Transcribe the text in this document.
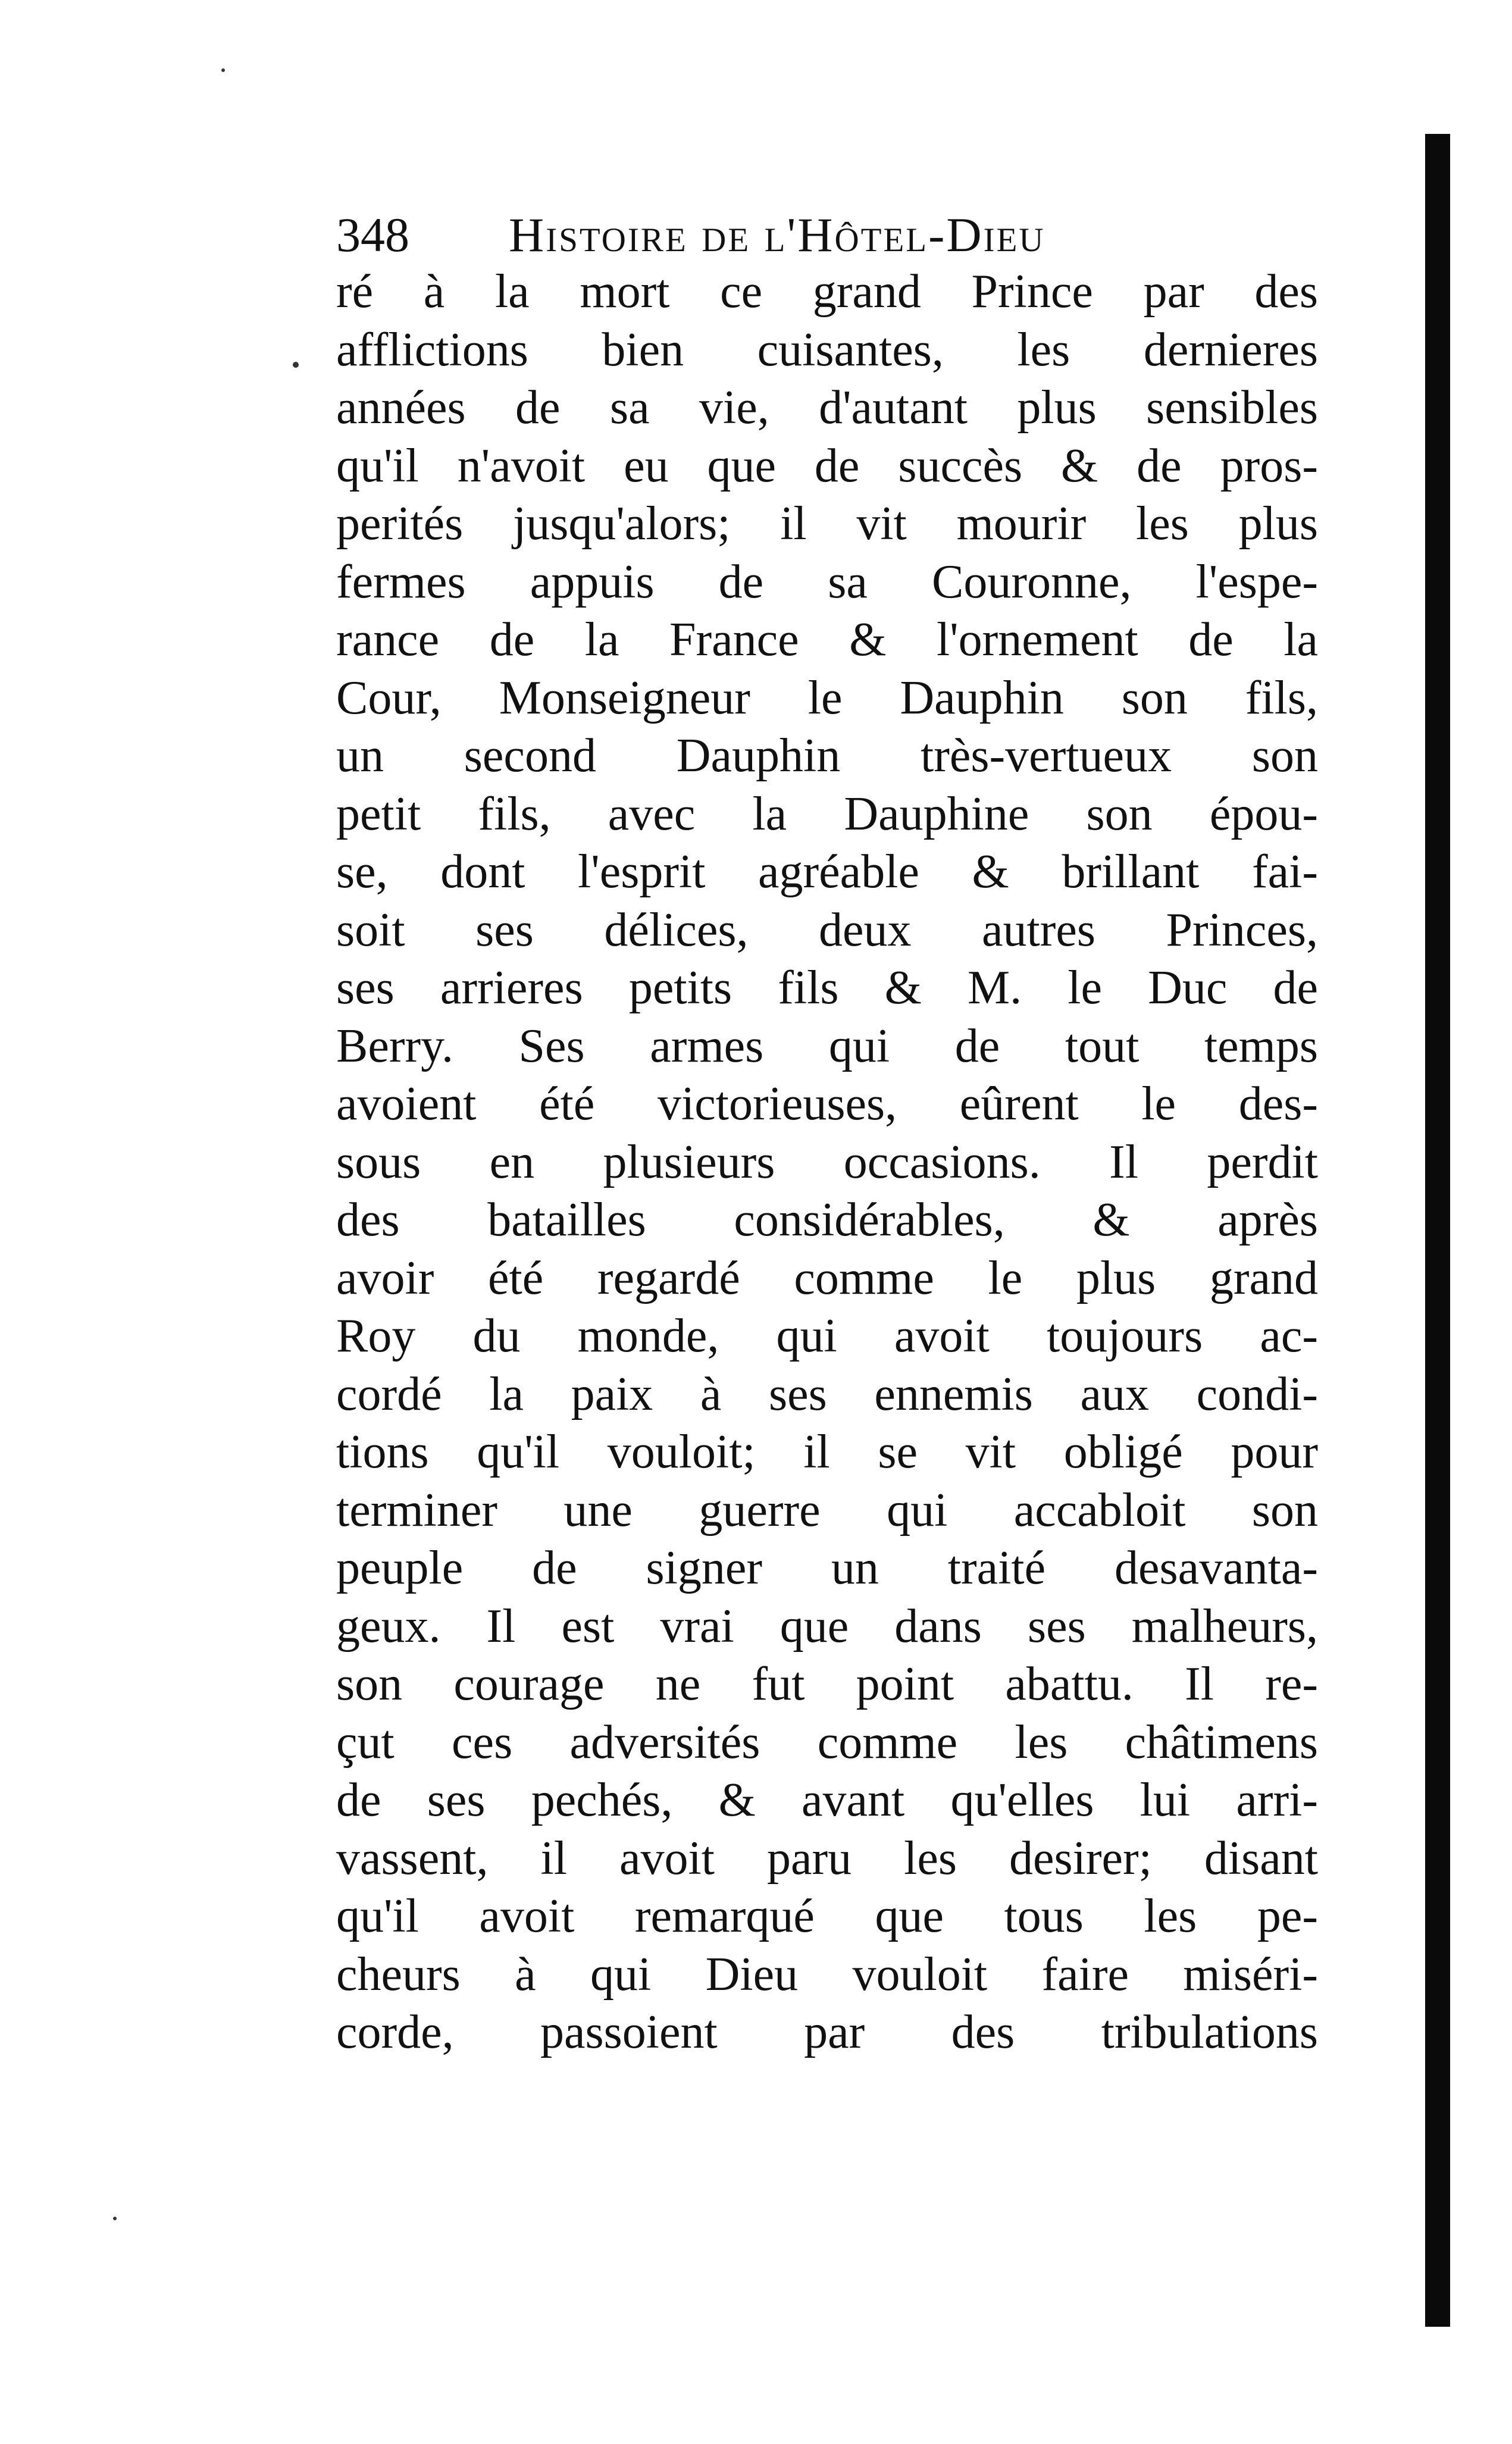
348 Histoire de l'Hôtel-Dieu
ré à la mort ce grand Prince par des
afflictions bien cuisantes, les dernieres
années de sa vie, d'autant plus sensibles
qu'il n'avoit eu que de succès & de pros-
perités jusqu'alors; il vit mourir les plus
fermes appuis de sa Couronne, l'espe-
rance de la France & l'ornement de la
Cour, Monseigneur le Dauphin son fils,
un second Dauphin très-vertueux son
petit fils, avec la Dauphine son épou-
se, dont l'esprit agréable & brillant fai-
soit ses délices, deux autres Princes,
ses arrieres petits fils & M. le Duc de
Berry. Ses armes qui de tout temps
avoient été victorieuses, eûrent le des-
sous en plusieurs occasions. Il perdit
des batailles considérables, & après
avoir été regardé comme le plus grand
Roy du monde, qui avoit toujours ac-
cordé la paix à ses ennemis aux condi-
tions qu'il vouloit; il se vit obligé pour
terminer une guerre qui accabloit son
peuple de signer un traité desavanta-
geux. Il est vrai que dans ses malheurs,
son courage ne fut point abattu. Il re-
çut ces adversités comme les châtimens
de ses pechés, & avant qu'elles lui arri-
vassent, il avoit paru les desirer; disant
qu'il avoit remarqué que tous les pe-
cheurs à qui Dieu vouloit faire miséri-
corde, passoient par des tribulations
